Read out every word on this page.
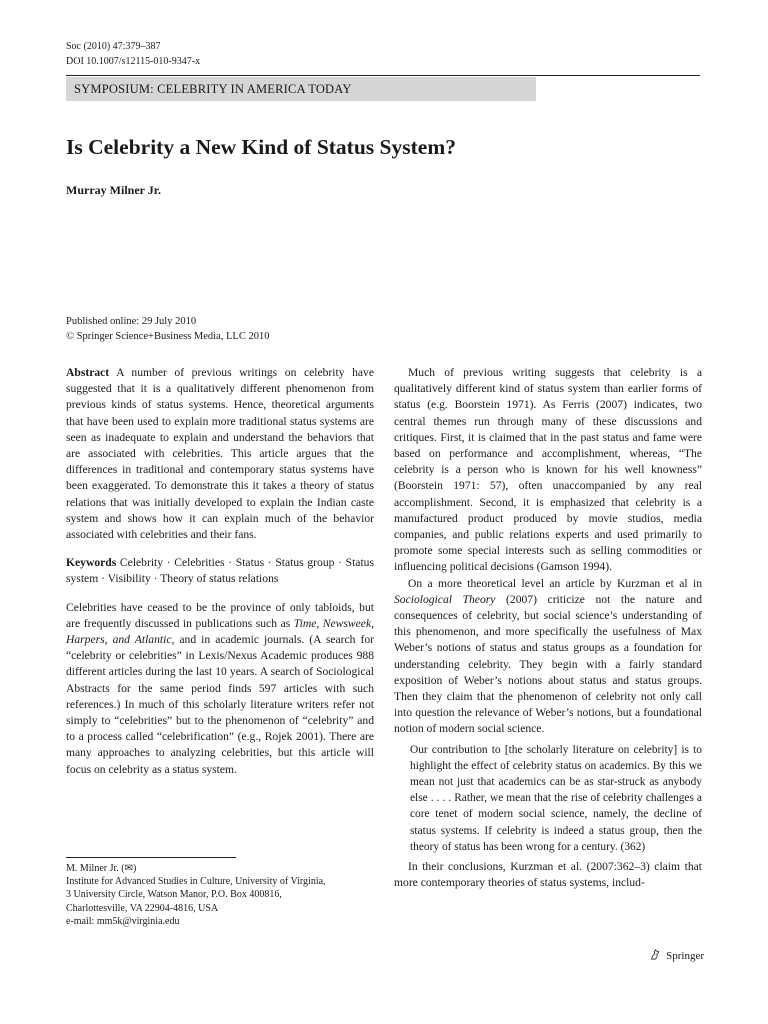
Soc (2010) 47:379–387
DOI 10.1007/s12115-010-9347-x
SYMPOSIUM: CELEBRITY IN AMERICA TODAY
Is Celebrity a New Kind of Status System?
Murray Milner Jr.
Published online: 29 July 2010
© Springer Science+Business Media, LLC 2010

Abstract A number of previous writings on celebrity have suggested that it is a qualitatively different phenomenon from previous kinds of status systems. Hence, theoretical arguments that have been used to explain more traditional status systems are seen as inadequate to explain and understand the behaviors that are associated with celebrities. This article argues that the differences in traditional and contemporary status systems have been exaggerated. To demonstrate this it takes a theory of status relations that was initially developed to explain the Indian caste system and shows how it can explain much of the behavior associated with celebrities and their fans.

Keywords Celebrity · Celebrities · Status · Status group · Status system · Visibility · Theory of status relations

Celebrities have ceased to be the province of only tabloids, but are frequently discussed in publications such as Time, Newsweek, Harpers, and Atlantic, and in academic journals. (A search for “celebrity or celebrities” in Lexis/Nexus Academic produces 988 different articles during the last 10 years. A search of Sociological Abstracts for the same period finds 597 articles with such references.) In much of this scholarly literature writers refer not simply to “celebrities” but to the phenomenon of “celebrity” and to a process called “celebrification” (e.g., Rojek 2001). There are many approaches to analyzing celebrities, but this article will focus on celebrity as a status system.

M. Milner Jr. (✉)
Institute for Advanced Studies in Culture, University of Virginia,
3 University Circle, Watson Manor, P.O. Box 400816,
Charlottesville, VA 22904-4816, USA
e-mail: mm5k@virginia.edu

Much of previous writing suggests that celebrity is a qualitatively different kind of status system than earlier forms of status (e.g. Boorstein 1971). As Ferris (2007) indicates, two central themes run through many of these discussions and critiques. First, it is claimed that in the past status and fame were based on performance and accomplishment, whereas, “The celebrity is a person who is known for his well knowness” (Boorstein 1971: 57), often unaccompanied by any real accomplishment. Second, it is emphasized that celebrity is a manufactured product produced by movie studios, media companies, and public relations experts and used primarily to promote some special interests such as selling commodities or influencing political decisions (Gamson 1994).

On a more theoretical level an article by Kurzman et al in Sociological Theory (2007) criticize not the nature and consequences of celebrity, but social science’s understanding of this phenomenon, and more specifically the usefulness of Max Weber’s notions of status and status groups as a foundation for understanding celebrity. They begin with a fairly standard exposition of Weber’s notions about status and status groups. Then they claim that the phenomenon of celebrity not only call into question the relevance of Weber’s notions, but a foundational notion of modern social science.

Our contribution to [the scholarly literature on celebrity] is to highlight the effect of celebrity status on academics. By this we mean not just that academics can be as star-struck as anybody else . . . . Rather, we mean that the rise of celebrity challenges a core tenet of modern social science, namely, the decline of status systems. If celebrity is indeed a status group, then the theory of status has been wrong for a century. (362)

In their conclusions, Kurzman et al. (2007:362–3) claim that more contemporary theories of status systems, includ-

Springer
